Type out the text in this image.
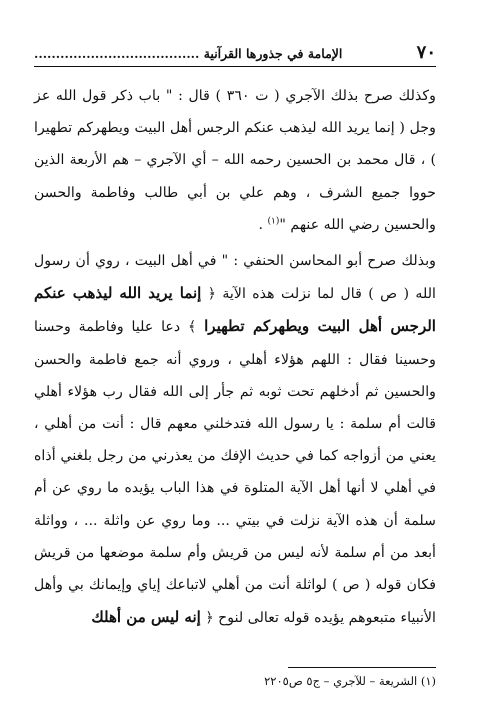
٧٠
الإمامة في جذورها القرآنية ......................................

وكذلك صرح بذلك الآجري ( ت ٣٦٠ ) قال : " باب ذكر قول الله عز وجل ( إنما يريد الله ليذهب عنكم الرجس أهل البيت ويطهركم تطهيرا ) ، قال محمد بن الحسين رحمه الله – أي الآجري – هم الأربعة الذين حووا جميع الشرف ، وهم علي بن أبي طالب وفاطمة والحسن والحسين رضي الله عنهم "$^{(١)}$ .

وبذلك صرح أبو المحاسن الحنفي : " في أهل البيت ، روي أن رسول الله ( ص ) قال لما نزلت هذه الآية ﴿ إنما يريد الله ليذهب عنكم الرجس أهل البيت ويطهركم تطهيرا ﴾ دعا عليا وفاطمة وحسنا وحسينا فقال : اللهم هؤلاء أهلي ، وروي أنه جمع فاطمة والحسن والحسين ثم أدخلهم تحت ثوبه ثم جأر إلى الله فقال رب هؤلاء أهلي قالت أم سلمة : يا رسول الله فتدخلني معهم قال : أنت من أهلي ، يعني من أزواجه كما في حديث الإفك من يعذرني من رجل بلغني أذاه في أهلي لا أنها أهل الآية المتلوة في هذا الباب يؤيده ما روي عن أم سلمة أن هذه الآية نزلت في بيتي ... وما روي عن واثلة ... ، وواثلة أبعد من أم سلمة لأنه ليس من قريش وأم سلمة موضعها من قريش فكان قوله ( ص ) لواثلة أنت من أهلي لاتباعك إياي وإيمانك بي وأهل الأنبياء متبعوهم يؤيده قوله تعالى لنوح ﴿ إنه ليس من أهلك

(١) الشريعة – للآجري – ج٥ ص٢٢٠٥
